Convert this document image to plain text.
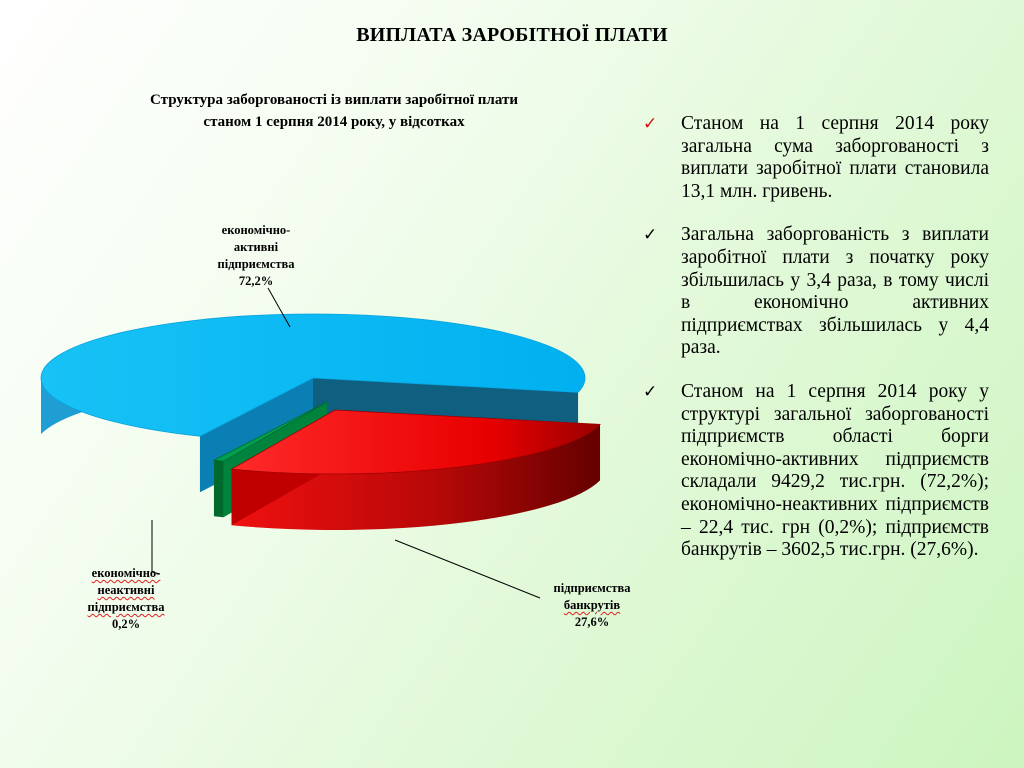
ВИПЛАТА ЗАРОБІТНОЇ ПЛАТИ
Структура заборгованості із виплати заробітної плати
станом 1 серпня 2014 року, у відсотках
економічно-
активні
підприємства
72,2%
підприємства
банкрутів
27,6%
економічно-
неактивні
підприємства
0,2%
✓ Станом на 1 серпня 2014 року загальна сума заборгованості з виплати заробітної плати становила 13,1 млн. гривень.
✓ Загальна заборгованість з виплати заробітної плати з початку року збільшилась у 3,4 раза, в тому числі в економічно активних підприємствах збільшилась у 4,4 раза.
✓ Станом на 1 серпня 2014 року у структурі загальної заборгованості підприємств області борги економічно-активних підприємств складали 9429,2 тис.грн. (72,2%); економічно-неактивних підприємств – 22,4 тис. грн (0,2%); підприємств банкрутів – 3602,5 тис.грн. (27,6%).
